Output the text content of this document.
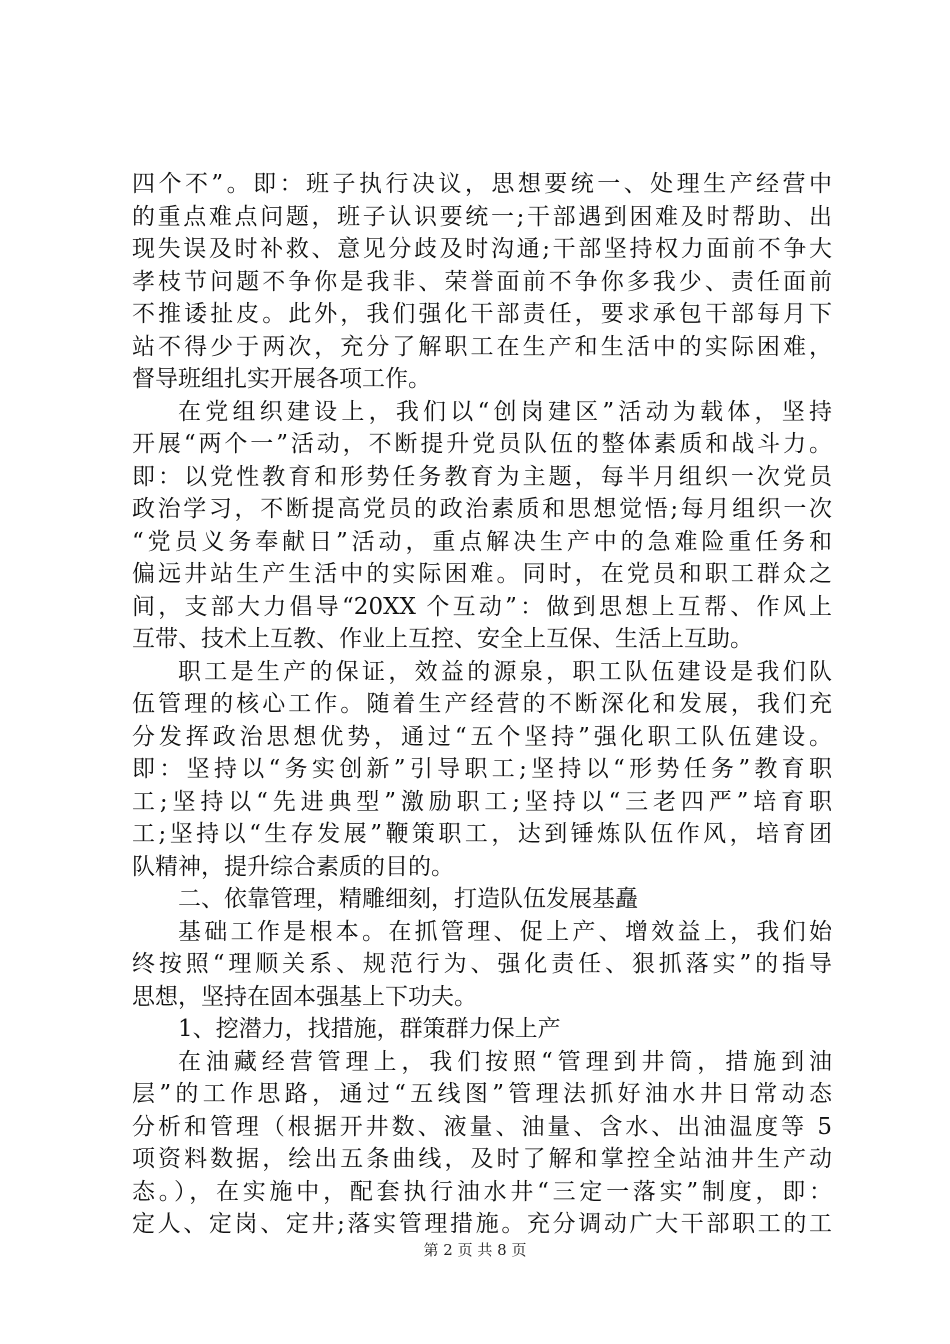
四个不”。即：班子执行决议，思想要统一、处理生产经营中
的重点难点问题，班子认识要统一;干部遇到困难及时帮助、出
现失误及时补救、意见分歧及时沟通;干部坚持权力面前不争大
孝枝节问题不争你是我非、荣誉面前不争你多我少、责任面前
不推诿扯皮。此外，我们强化干部责任，要求承包干部每月下
站不得少于两次，充分了解职工在生产和生活中的实际困难，
督导班组扎实开展各项工作。
在党组织建设上，我们以“创岗建区”活动为载体，坚持
开展“两个一”活动，不断提升党员队伍的整体素质和战斗力。
即：以党性教育和形势任务教育为主题，每半月组织一次党员
政治学习，不断提高党员的政治素质和思想觉悟;每月组织一次
“党员义务奉献日”活动，重点解决生产中的急难险重任务和
偏远井站生产生活中的实际困难。同时，在党员和职工群众之
间，支部大力倡导“20XX 个互动”：做到思想上互帮、作风上
互带、技术上互教、作业上互控、安全上互保、生活上互助。
职工是生产的保证，效益的源泉，职工队伍建设是我们队
伍管理的核心工作。随着生产经营的不断深化和发展，我们充
分发挥政治思想优势，通过“五个坚持”强化职工队伍建设。
即：坚持以“务实创新”引导职工;坚持以“形势任务”教育职
工;坚持以“先进典型”激励职工;坚持以“三老四严”培育职
工;坚持以“生存发展”鞭策职工，达到锤炼队伍作风，培育团
队精神，提升综合素质的目的。
二、依靠管理，精雕细刻，打造队伍发展基矗
基础工作是根本。在抓管理、促上产、增效益上，我们始
终按照“理顺关系、规范行为、强化责任、狠抓落实”的指导
思想，坚持在固本强基上下功夫。
1、挖潜力，找措施，群策群力保上产
在油藏经营管理上，我们按照“管理到井筒，措施到油
层”的工作思路，通过“五线图”管理法抓好油水井日常动态
分析和管理（根据开井数、液量、油量、含水、出油温度等 5
项资料数据，绘出五条曲线，及时了解和掌控全站油井生产动
态。），在实施中，配套执行油水井“三定一落实”制度，即：
定人、定岗、定井;落实管理措施。充分调动广大干部职工的工
第 2 页 共 8 页
